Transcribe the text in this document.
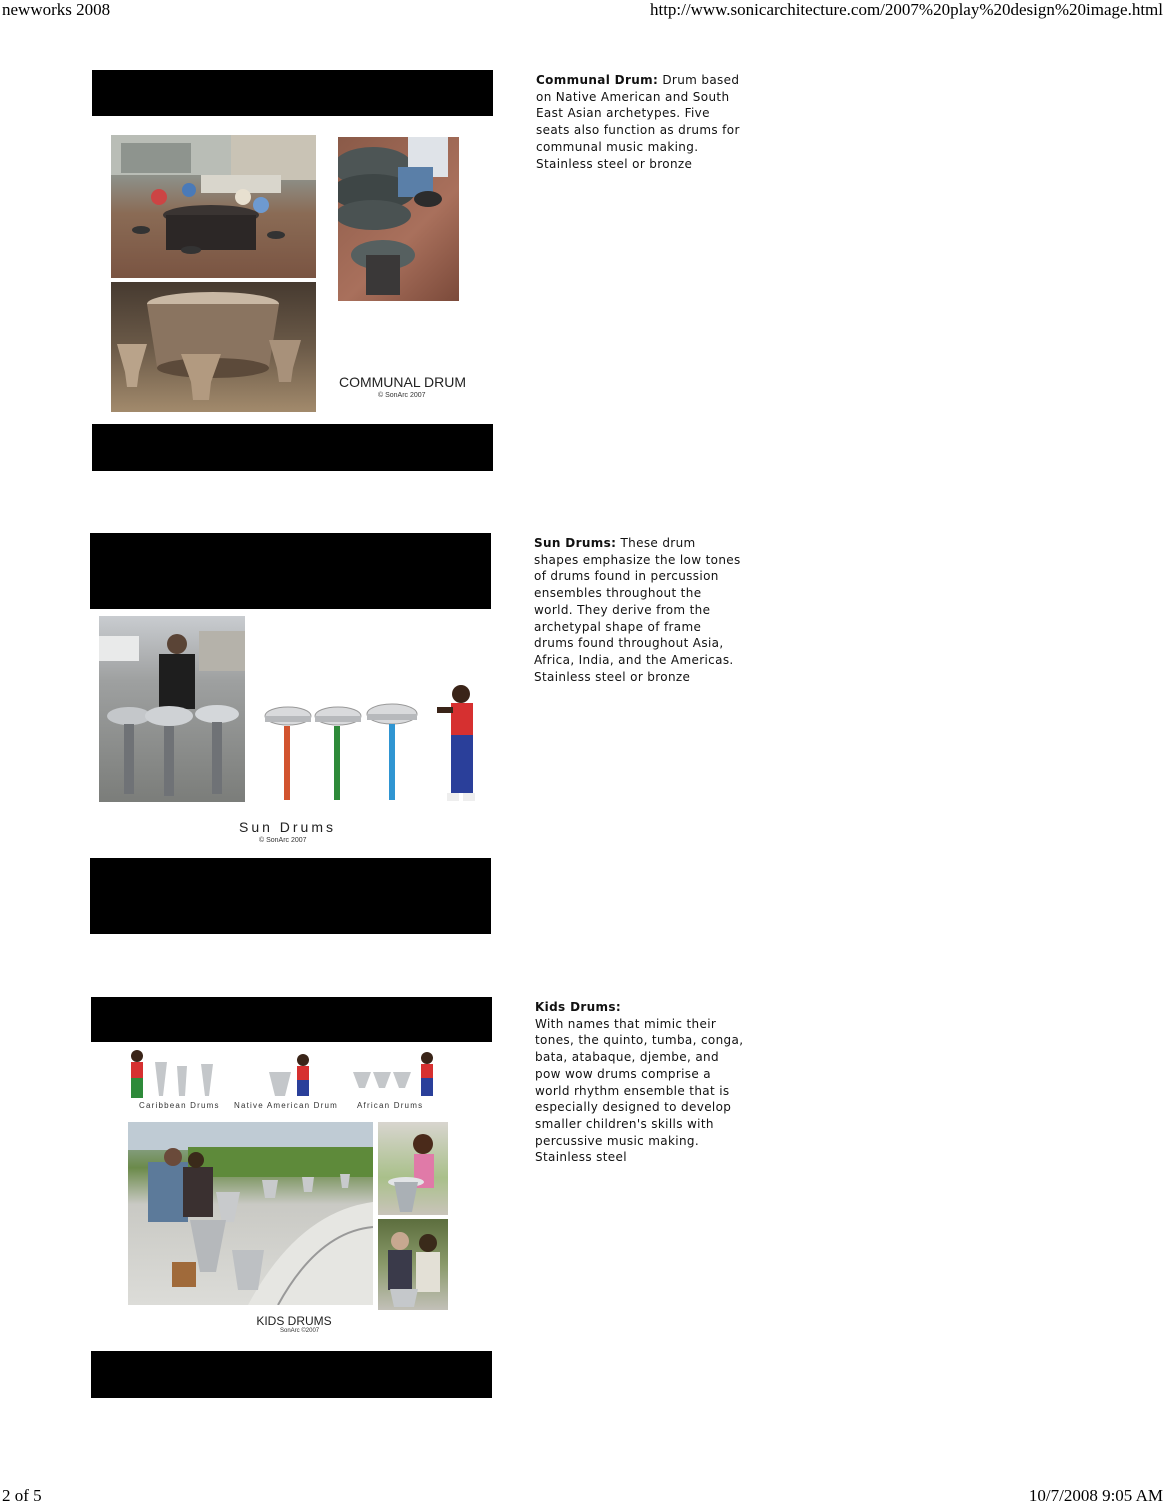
newworks 2008	http://www.sonicarchitecture.com/2007%20play%20design%20image.html
2 of 5	10/7/2008 9:05 AM
COMMUNAL DRUM
© SonArc 2007
Communal Drum: Drum based on Native American and South East Asian archetypes. Five seats also function as drums for communal music making. Stainless steel or bronze
Sun Drums
© SonArc 2007
Sun Drums: These drum shapes emphasize the low tones of drums found in percussion ensembles throughout the world. They derive from the archetypal shape of frame drums found throughout Asia, Africa, India, and the Americas. Stainless steel or bronze
Caribbean Drums Native American Drum African Drums
KIDS DRUMS
SonArc ©2007
Kids Drums:
With names that mimic their tones, the quinto, tumba, conga, bata, atabaque, djembe, and pow wow drums comprise a world rhythm ensemble that is especially designed to develop smaller children's skills with percussive music making. Stainless steel
